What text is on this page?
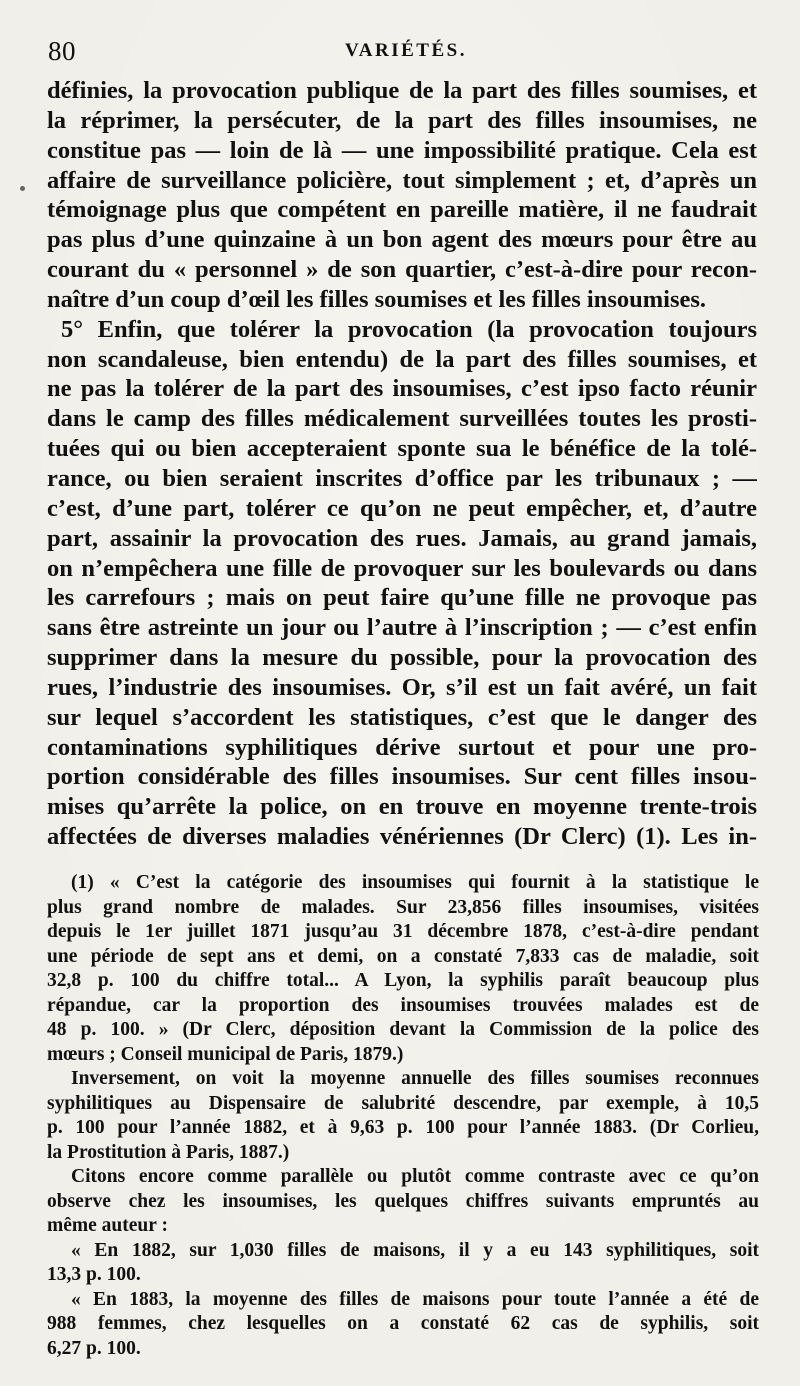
80	VARIÉTÉS.
définies, la provocation publique de la part des filles soumises, et
la réprimer, la persécuter, de la part des filles insoumises, ne
constitue pas — loin de là — une impossibilité pratique. Cela est
affaire de surveillance policière, tout simplement ; et, d’après un
témoignage plus que compétent en pareille matière, il ne faudrait
pas plus d’une quinzaine à un bon agent des mœurs pour être au
courant du « personnel » de son quartier, c’est-à-dire pour recon-
naître d’un coup d’œil les filles soumises et les filles insoumises.
5° Enfin, que tolérer la provocation (la provocation toujours
non scandaleuse, bien entendu) de la part des filles soumises, et
ne pas la tolérer de la part des insoumises, c’est ipso facto réunir
dans le camp des filles médicalement surveillées toutes les prosti-
tuées qui ou bien accepteraient sponte sua le bénéfice de la tolé-
rance, ou bien seraient inscrites d’office par les tribunaux ; —
c’est, d’une part, tolérer ce qu’on ne peut empêcher, et, d’autre
part, assainir la provocation des rues. Jamais, au grand jamais,
on n’empêchera une fille de provoquer sur les boulevards ou dans
les carrefours ; mais on peut faire qu’une fille ne provoque pas
sans être astreinte un jour ou l’autre à l’inscription ; — c’est enfin
supprimer dans la mesure du possible, pour la provocation des
rues, l’industrie des insoumises. Or, s’il est un fait avéré, un fait
sur lequel s’accordent les statistiques, c’est que le danger des
contaminations syphilitiques dérive surtout et pour une pro-
portion considérable des filles insoumises. Sur cent filles insou-
mises qu’arrête la police, on en trouve en moyenne trente-trois
affectées de diverses maladies vénériennes (Dr Clerc) (1). Les in-
(1) « C’est la catégorie des insoumises qui fournit à la statistique le
plus grand nombre de malades. Sur 23,856 filles insoumises, visitées
depuis le 1er juillet 1871 jusqu’au 31 décembre 1878, c’est-à-dire pendant
une période de sept ans et demi, on a constaté 7,833 cas de maladie, soit
32,8 p. 100 du chiffre total... A Lyon, la syphilis paraît beaucoup plus
répandue, car la proportion des insoumises trouvées malades est de
48 p. 100. » (Dr Clerc, déposition devant la Commission de la police des
mœurs ; Conseil municipal de Paris, 1879.)
Inversement, on voit la moyenne annuelle des filles soumises reconnues
syphilitiques au Dispensaire de salubrité descendre, par exemple, à 10,5
p. 100 pour l’année 1882, et à 9,63 p. 100 pour l’année 1883. (Dr Corlieu,
la Prostitution à Paris, 1887.)
Citons encore comme parallèle ou plutôt comme contraste avec ce qu’on
observe chez les insoumises, les quelques chiffres suivants empruntés au
même auteur :
« En 1882, sur 1,030 filles de maisons, il y a eu 143 syphilitiques, soit
13,3 p. 100.
« En 1883, la moyenne des filles de maisons pour toute l’année a été de
988 femmes, chez lesquelles on a constaté 62 cas de syphilis, soit
6,27 p. 100.
